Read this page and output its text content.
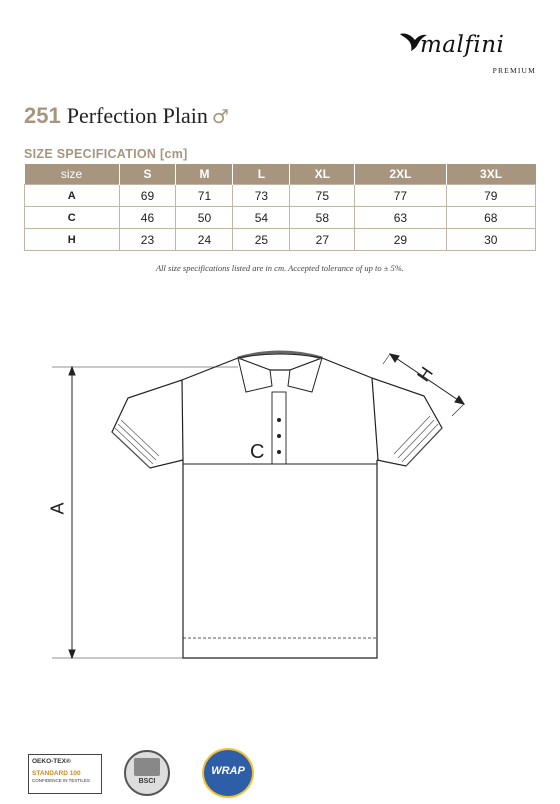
malfini
PREMIUM
251 Perfection Plain ♂
SIZE SPECIFICATION [cm]
size	S	M	L	XL	2XL	3XL
A	69	71	73	75	77	79
C	46	50	54	58	63	68
H	23	24	25	27	29	30
All size specifications listed are in cm. Accepted tolerance of up to ± 5%.
A
C
H
OEKO-TEX®
STANDARD 100
CONFIDENCE IN TEXTILES	BSCI
WRAP
